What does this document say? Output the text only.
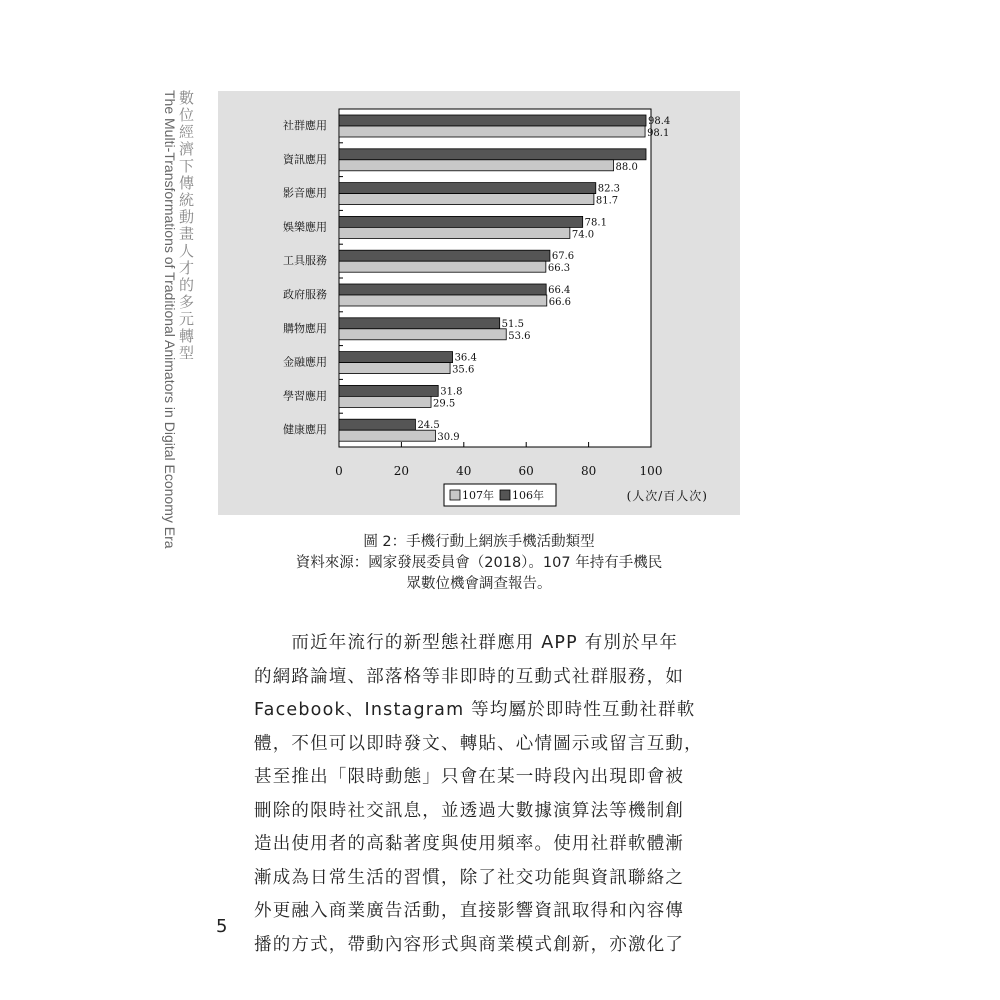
數位經濟下傳統動畫人才的多元轉型

The Multi-Transformations of Traditional Animators in Digital Economy Era	0	20	40	60	80	100
社群應用	98.4
98.1
資訊應用
88.0
影音應用	82.3
81.7
娛樂應用	78.1
74.0
工具服務	67.6
66.3
政府服務	66.4
66.6
購物應用	51.5
53.6
金融應用	36.4
35.6
學習應用	31.8
29.5
健康應用	24.5
30.9
107年 106年	(人次/百人次)

圖 2：手機行動上網族手機活動類型

資料來源：國家發展委員會（2018）。107 年持有手機民

眾數位機會調查報告。

　　而近年流行的新型態社群應用 APP 有別於早年
的網路論壇、部落格等非即時的互動式社群服務，如
Facebook、Instagram 等均屬於即時性互動社群軟
體，不但可以即時發文、轉貼、心情圖示或留言互動，
甚至推出「限時動態」只會在某一時段內出現即會被
刪除的限時社交訊息，並透過大數據演算法等機制創
造出使用者的高黏著度與使用頻率。使用社群軟體漸
漸成為日常生活的習慣，除了社交功能與資訊聯絡之
外更融入商業廣告活動，直接影響資訊取得和內容傳
播的方式，帶動內容形式與商業模式創新，亦激化了
5
